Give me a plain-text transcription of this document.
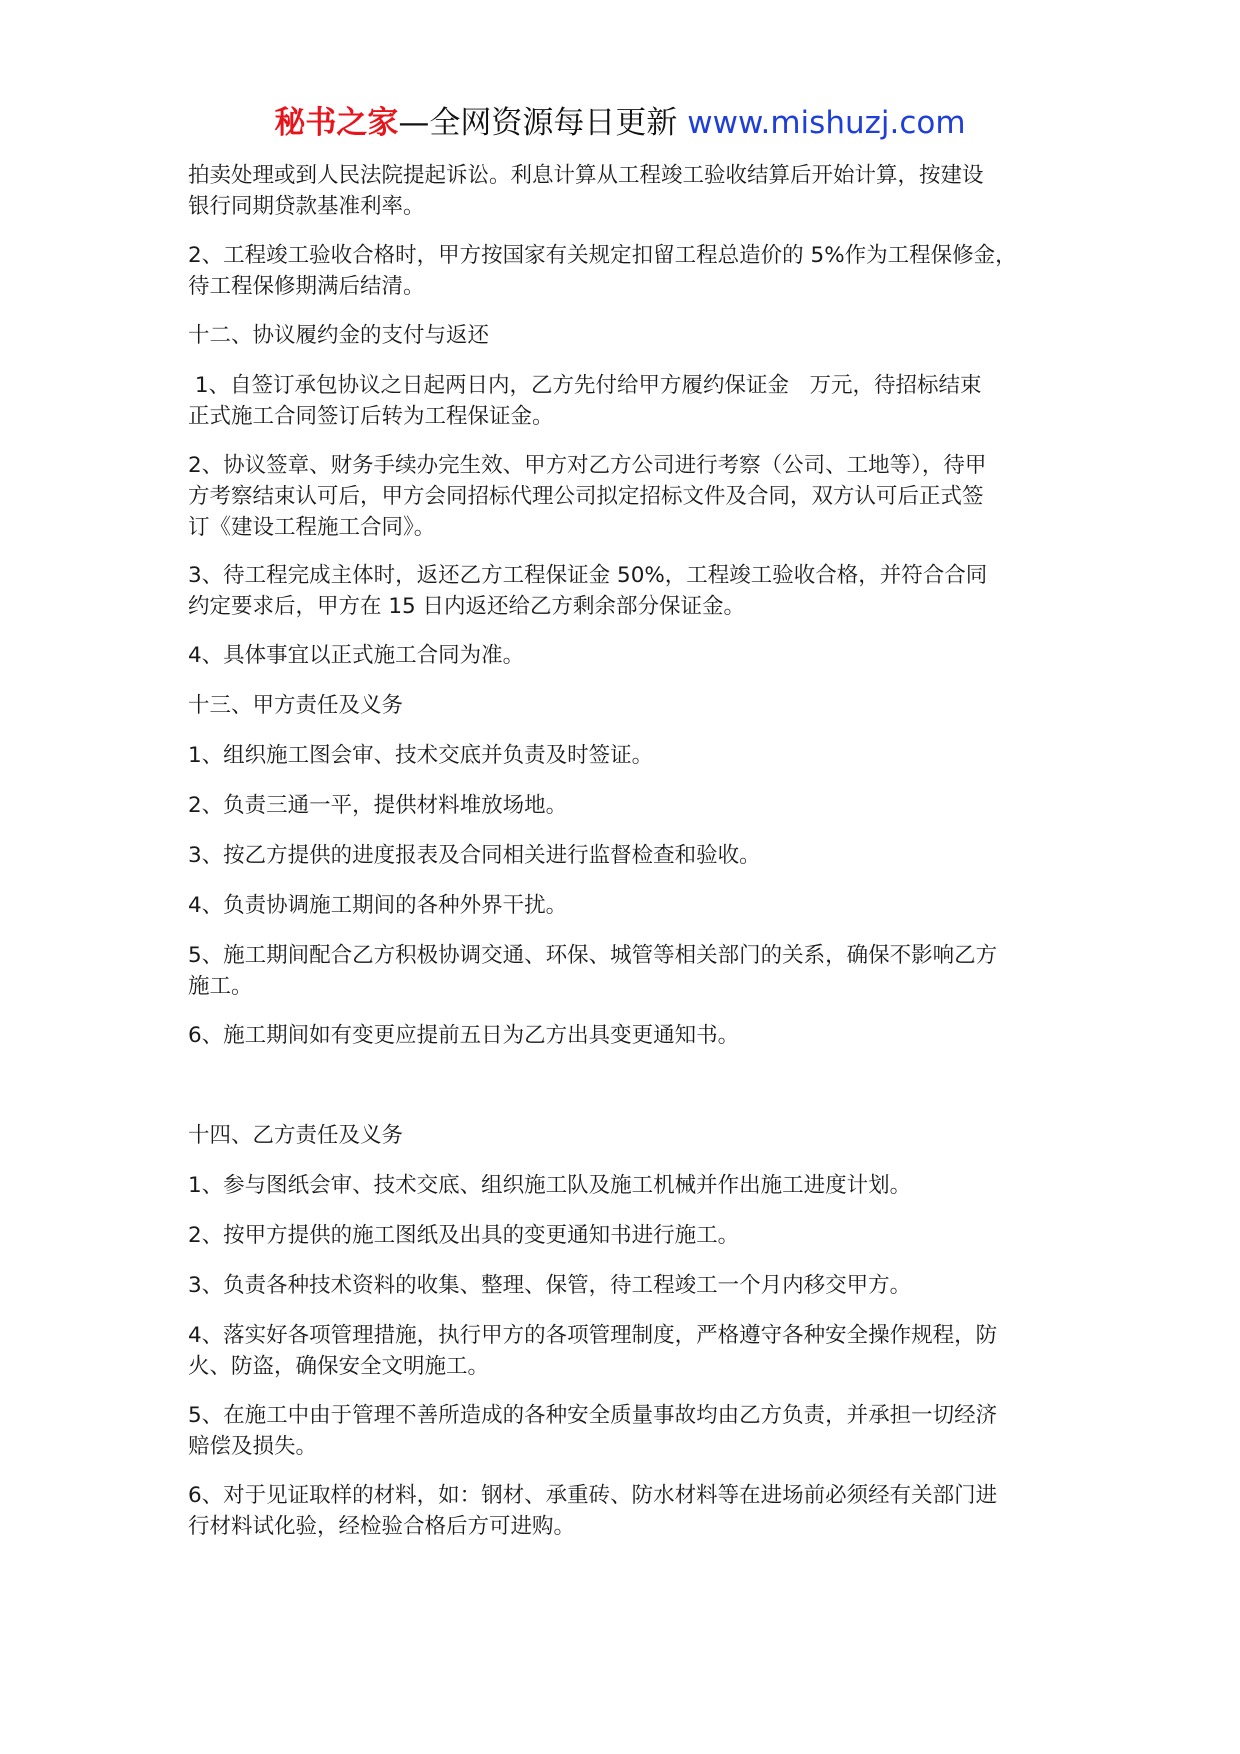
秘书之家—全网资源每日更新 www.mishuzj.com

拍卖处理或到人民法院提起诉讼。利息计算从工程竣工验收结算后开始计算，按建设
银行同期贷款基准利率。

2、工程竣工验收合格时，甲方按国家有关规定扣留工程总造价的 5%作为工程保修金，
待工程保修期满后结清。

十二、协议履约金的支付与返还

1、自签订承包协议之日起两日内，乙方先付给甲方履约保证金   万元，待招标结束
正式施工合同签订后转为工程保证金。

2、协议签章、财务手续办完生效、甲方对乙方公司进行考察（公司、工地等），待甲
方考察结束认可后，甲方会同招标代理公司拟定招标文件及合同，双方认可后正式签
订《建设工程施工合同》。

3、待工程完成主体时，返还乙方工程保证金 50%，工程竣工验收合格，并符合合同
约定要求后，甲方在 15 日内返还给乙方剩余部分保证金。

4、具体事宜以正式施工合同为准。

十三、甲方责任及义务

1、组织施工图会审、技术交底并负责及时签证。

2、负责三通一平，提供材料堆放场地。

3、按乙方提供的进度报表及合同相关进行监督检查和验收。

4、负责协调施工期间的各种外界干扰。

5、施工期间配合乙方积极协调交通、环保、城管等相关部门的关系，确保不影响乙方
施工。

6、施工期间如有变更应提前五日为乙方出具变更通知书。

十四、乙方责任及义务

1、参与图纸会审、技术交底、组织施工队及施工机械并作出施工进度计划。

2、按甲方提供的施工图纸及出具的变更通知书进行施工。

3、负责各种技术资料的收集、整理、保管，待工程竣工一个月内移交甲方。

4、落实好各项管理措施，执行甲方的各项管理制度，严格遵守各种安全操作规程，防
火、防盗，确保安全文明施工。

5、在施工中由于管理不善所造成的各种安全质量事故均由乙方负责，并承担一切经济
赔偿及损失。

6、对于见证取样的材料，如：钢材、承重砖、防水材料等在进场前必须经有关部门进
行材料试化验，经检验合格后方可进购。
